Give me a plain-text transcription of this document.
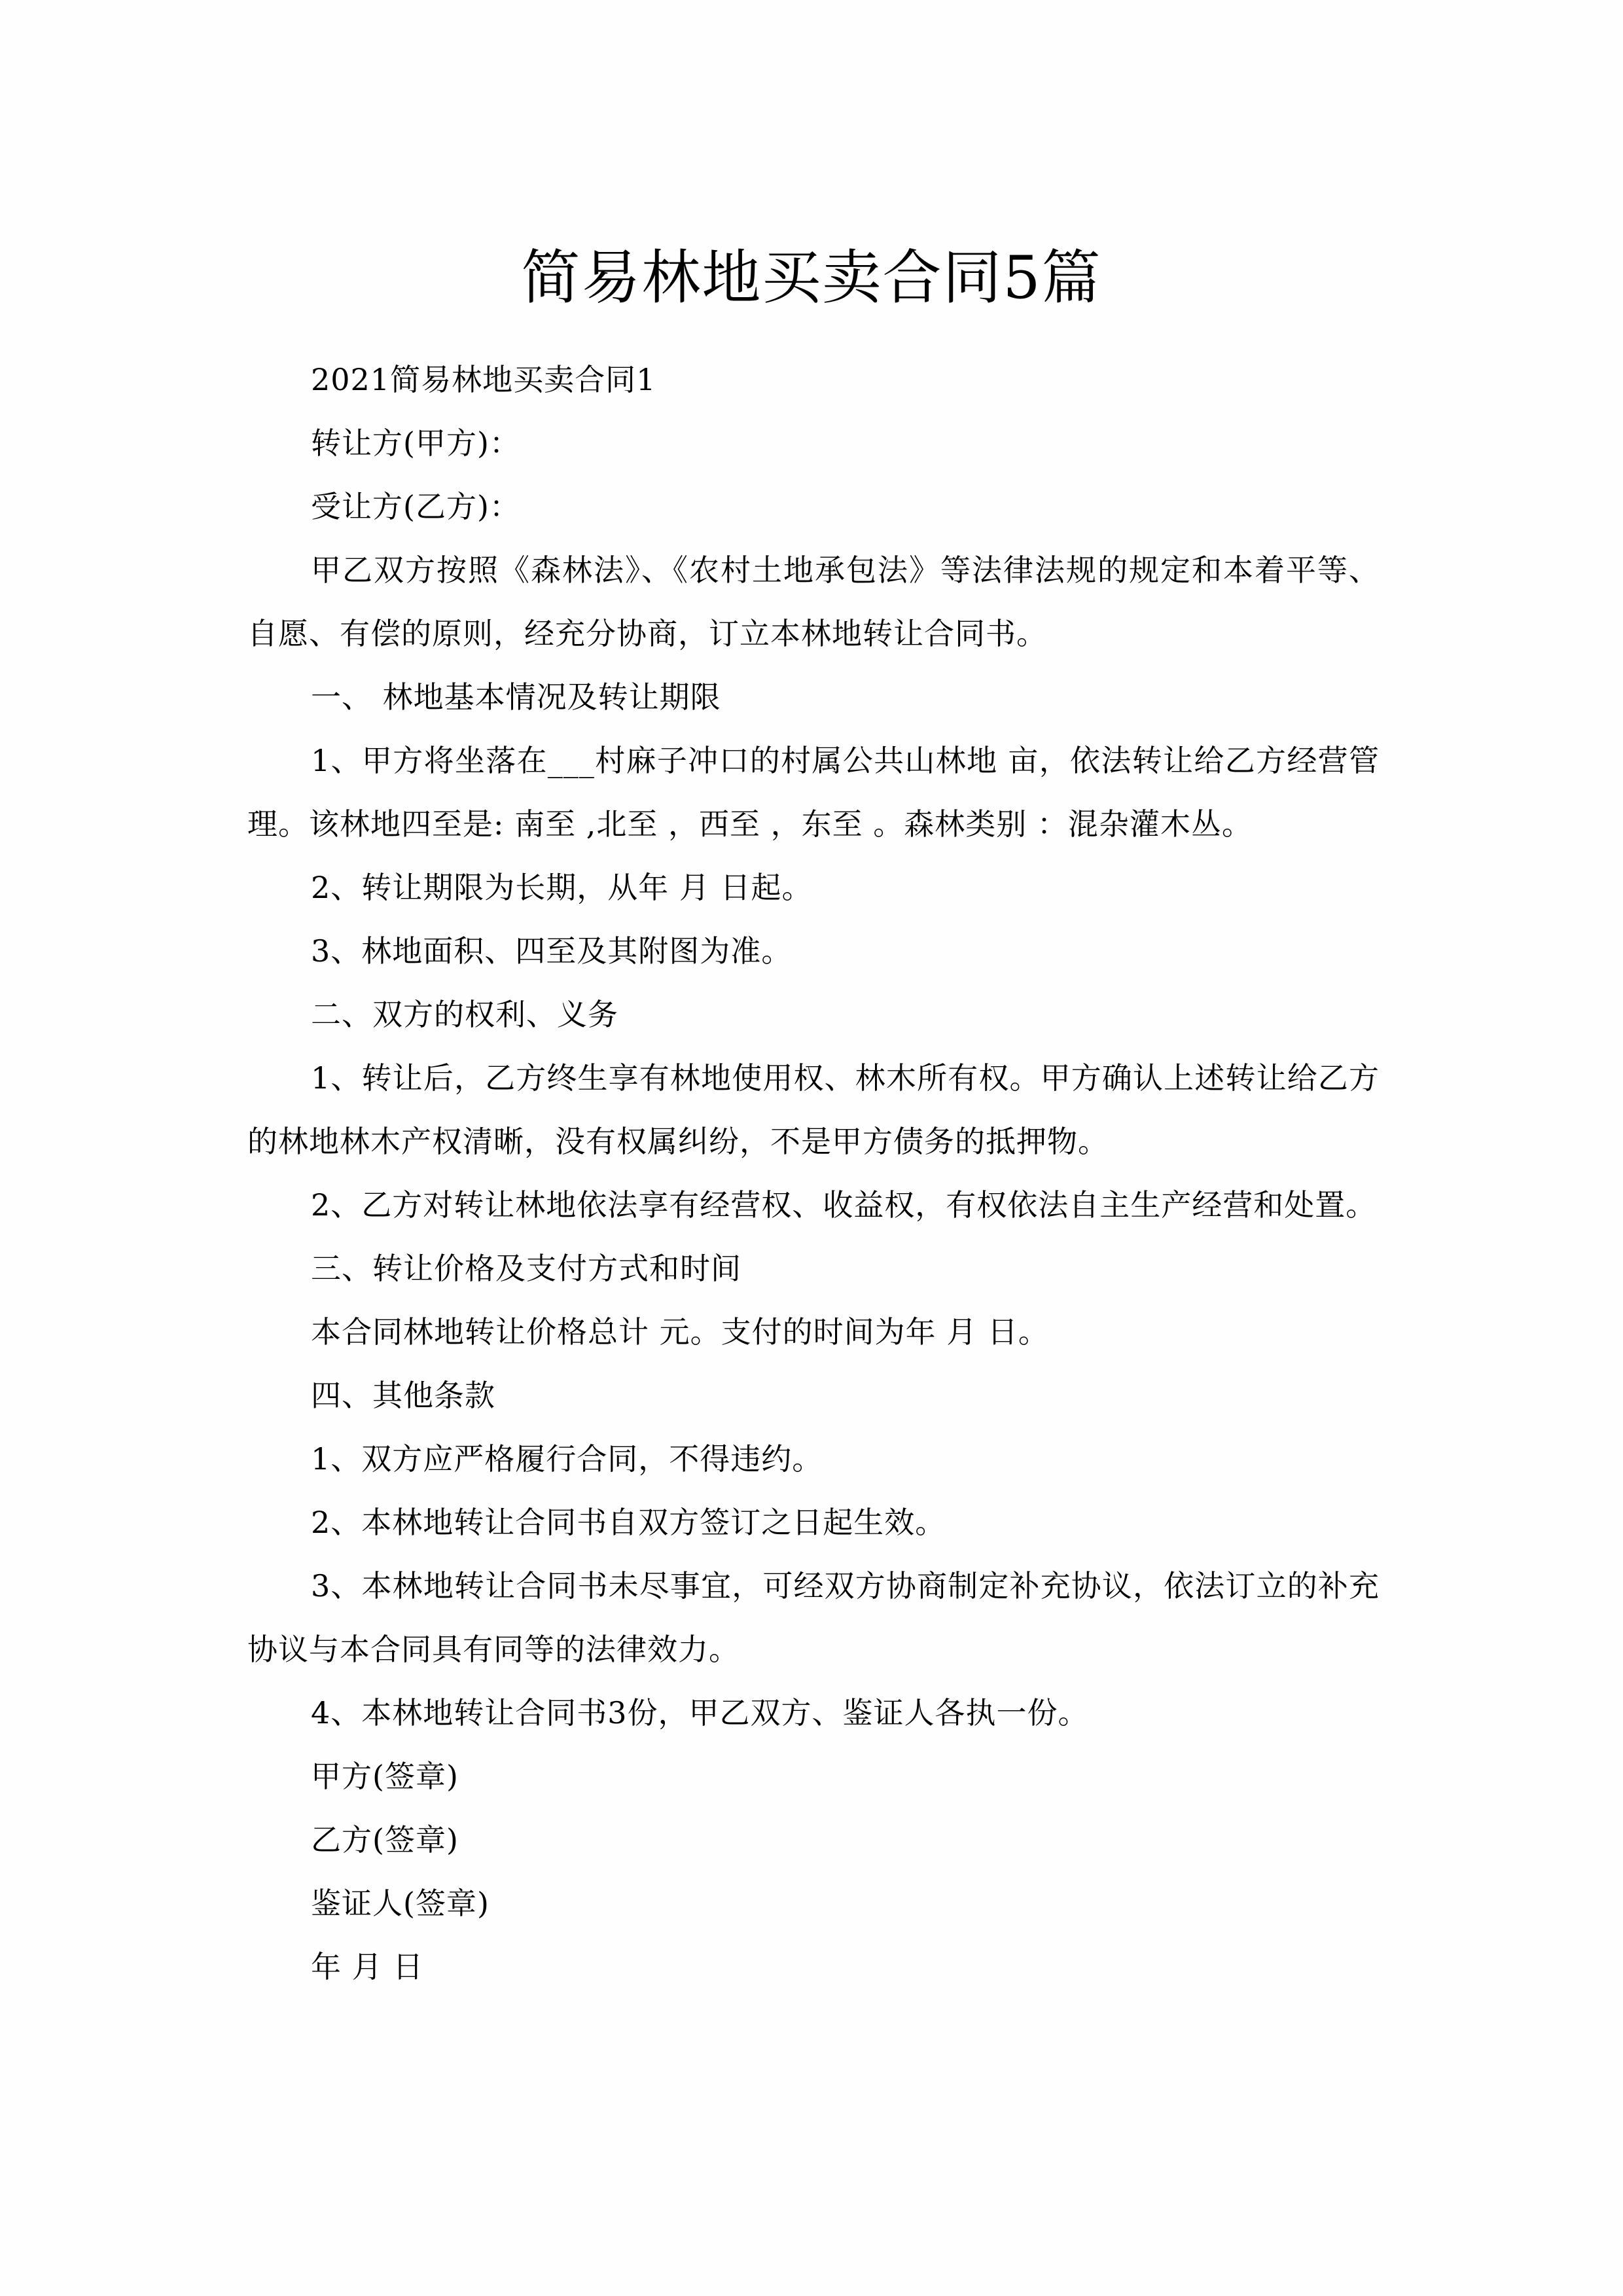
简易林地买卖合同5篇

2021简易林地买卖合同1

转让方(甲方)：

受让方(乙方)：

甲乙双方按照《森林法》、《农村土地承包法》等法律法规的规定和本着平等、自愿、有偿的原则，经充分协商，订立本林地转让合同书。

一、 林地基本情况及转让期限

1、甲方将坐落在___村麻子冲口的村属公共山林地 亩，依法转让给乙方经营管理。该林地四至是: 南至 ,北至 ，西至 ，东至 。森林类别 ：混杂灌木丛。

2、转让期限为长期，从年 月 日起。

3、林地面积、四至及其附图为准。

二、双方的权利、义务

1、转让后，乙方终生享有林地使用权、林木所有权。甲方确认上述转让给乙方的林地林木产权清晰，没有权属纠纷，不是甲方债务的抵押物。

2、乙方对转让林地依法享有经营权、收益权，有权依法自主生产经营和处置。

三、转让价格及支付方式和时间

本合同林地转让价格总计 元。支付的时间为年 月 日。

四、其他条款

1、双方应严格履行合同，不得违约。

2、本林地转让合同书自双方签订之日起生效。

3、本林地转让合同书未尽事宜，可经双方协商制定补充协议，依法订立的补充协议与本合同具有同等的法律效力。

4、本林地转让合同书3份，甲乙双方、鉴证人各执一份。

甲方(签章)

乙方(签章)

鉴证人(签章)

年 月 日
